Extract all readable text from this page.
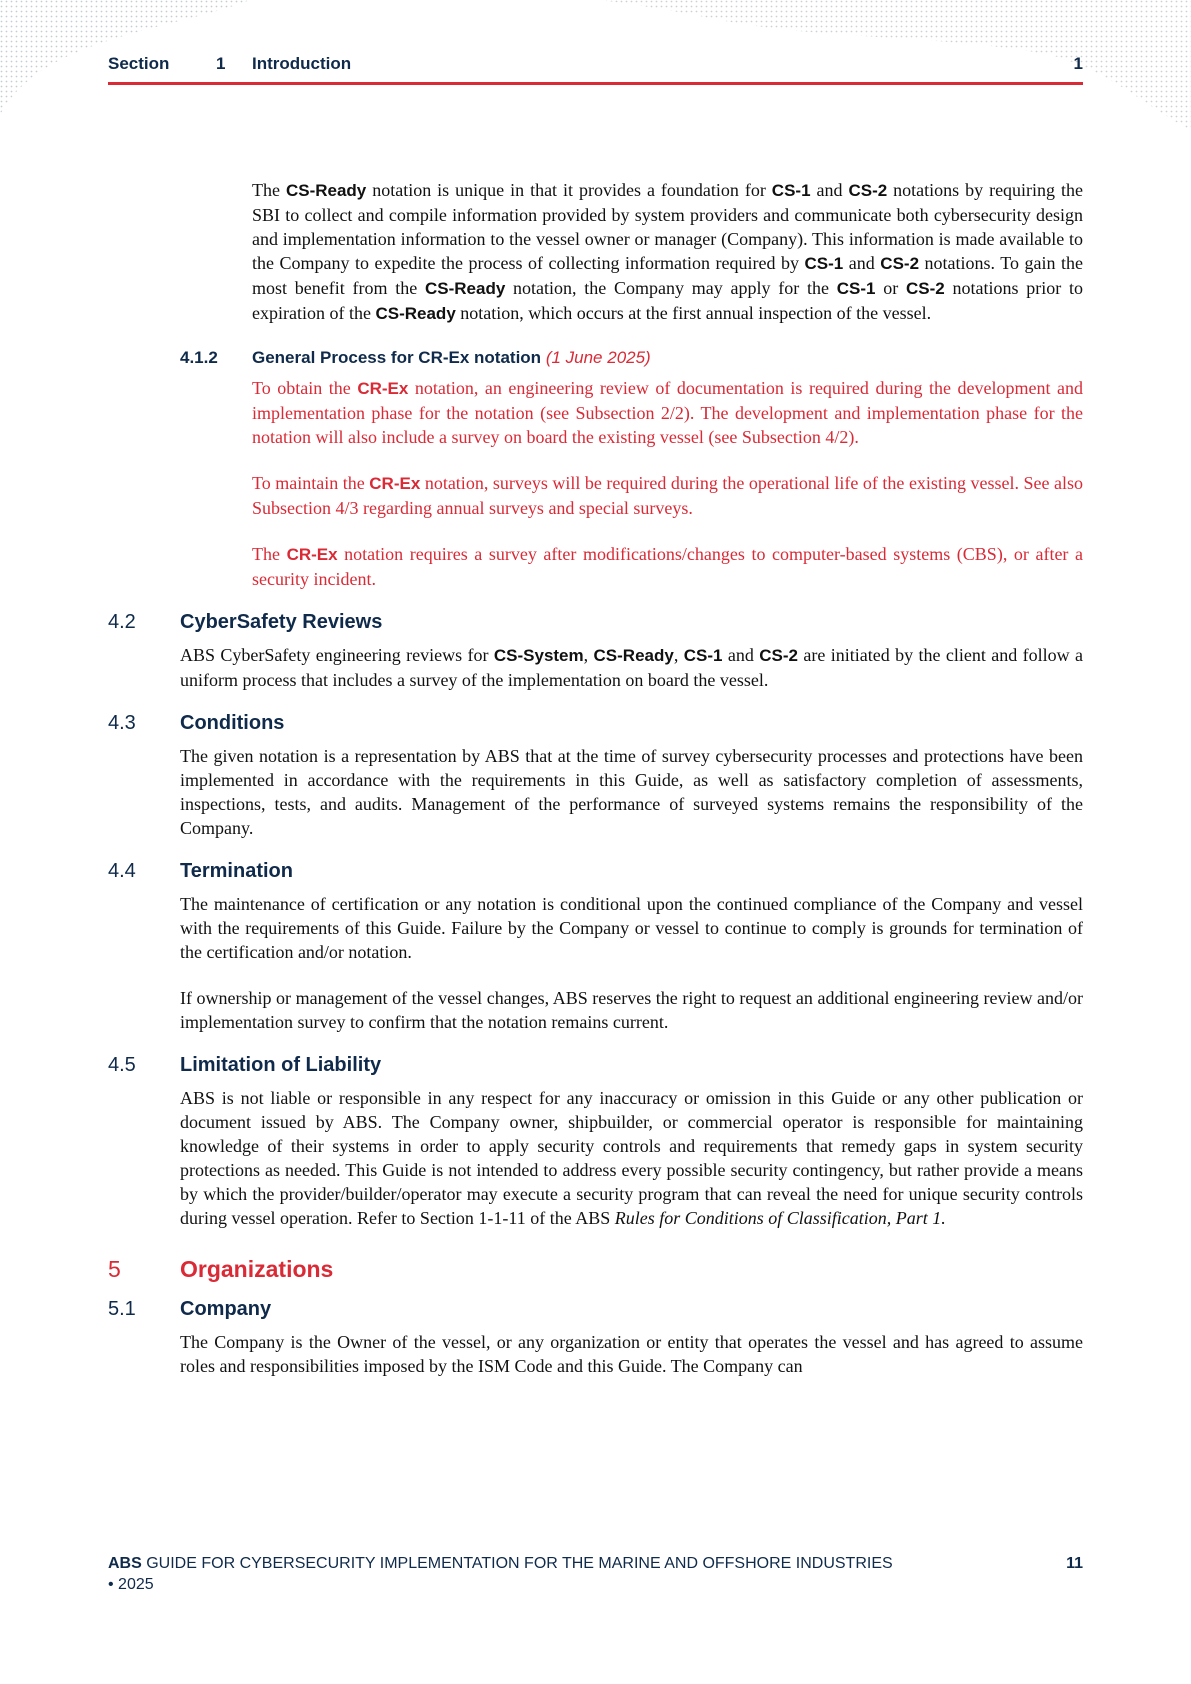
Section	1 Introduction	1

The CS-Ready notation is unique in that it provides a foundation for CS-1 and CS-2 notations by requiring the SBI to collect and compile information provided by system providers and communicate both cybersecurity design and implementation information to the vessel owner or manager (Company). This information is made available to the Company to expedite the process of collecting information required by CS-1 and CS-2 notations. To gain the most benefit from the CS-Ready notation, the Company may apply for the CS-1 or CS-2 notations prior to expiration of the CS-Ready notation, which occurs at the first annual inspection of the vessel.

4.1.2 General Process for CR-Ex notation (1 June 2025)

To obtain the CR-Ex notation, an engineering review of documentation is required during the development and implementation phase for the notation (see Subsection 2/2). The development and implementation phase for the notation will also include a survey on board the existing vessel (see Subsection 4/2).

To maintain the CR-Ex notation, surveys will be required during the operational life of the existing vessel. See also Subsection 4/3 regarding annual surveys and special surveys.

The CR-Ex notation requires a survey after modifications/changes to computer-based systems (CBS), or after a security incident.

4.2 CyberSafety Reviews

ABS CyberSafety engineering reviews for CS-System, CS-Ready, CS-1 and CS-2 are initiated by the client and follow a uniform process that includes a survey of the implementation on board the vessel.

4.3 Conditions

The given notation is a representation by ABS that at the time of survey cybersecurity processes and protections have been implemented in accordance with the requirements in this Guide, as well as satisfactory completion of assessments, inspections, tests, and audits. Management of the performance of surveyed systems remains the responsibility of the Company.

4.4 Termination

The maintenance of certification or any notation is conditional upon the continued compliance of the Company and vessel with the requirements of this Guide. Failure by the Company or vessel to continue to comply is grounds for termination of the certification and/or notation.

If ownership or management of the vessel changes, ABS reserves the right to request an additional engineering review and/or implementation survey to confirm that the notation remains current.

4.5 Limitation of Liability

ABS is not liable or responsible in any respect for any inaccuracy or omission in this Guide or any other publication or document issued by ABS. The Company owner, shipbuilder, or commercial operator is responsible for maintaining knowledge of their systems in order to apply security controls and requirements that remedy gaps in system security protections as needed. This Guide is not intended to address every possible security contingency, but rather provide a means by which the provider/builder/operator may execute a security program that can reveal the need for unique security controls during vessel operation. Refer to Section 1-1-11 of the ABS Rules for Conditions of Classification, Part 1.

5	Organizations
5.1 Company

The Company is the Owner of the vessel, or any organization or entity that operates the vessel and has agreed to assume roles and responsibilities imposed by the ISM Code and this Guide. The Company can

ABS GUIDE FOR CYBERSECURITY IMPLEMENTATION FOR THE MARINE AND OFFSHORE INDUSTRIES
• 2025
11
